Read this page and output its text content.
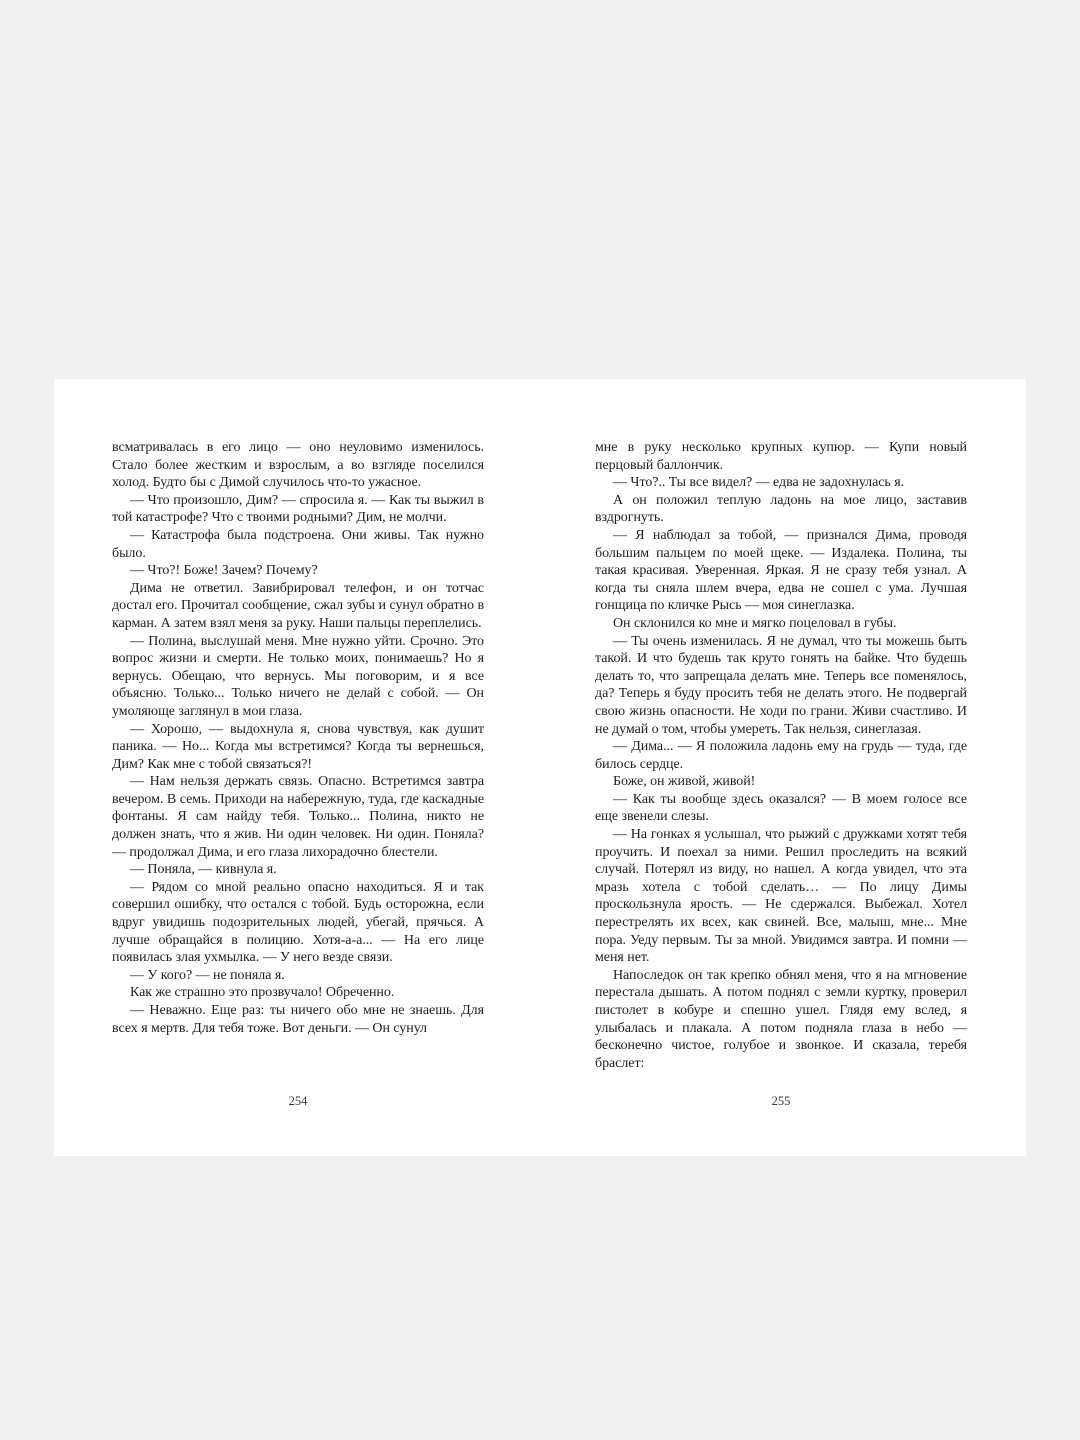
всматривалась в его лицо — оно неуловимо изменилось. Стало более жестким и взрослым, а во взгляде поселился холод. Будто бы с Димой случилось что-то ужасное.

— Что произошло, Дим? — спросила я. — Как ты выжил в той катастрофе? Что с твоими родными? Дим, не молчи.

— Катастрофа была подстроена. Они живы. Так нужно было.

— Что?! Боже! Зачем? Почему?

Дима не ответил. Завибрировал телефон, и он тотчас достал его. Прочитал сообщение, сжал зубы и сунул обратно в карман. А затем взял меня за руку. Наши пальцы переплелись.

— Полина, выслушай меня. Мне нужно уйти. Срочно. Это вопрос жизни и смерти. Не только моих, понимаешь? Но я вернусь. Обещаю, что вернусь. Мы поговорим, и я все объясню. Только... Только ничего не делай с собой. — Он умоляюще заглянул в мои глаза.

— Хорошо, — выдохнула я, снова чувствуя, как душит паника. — Но... Когда мы встретимся? Когда ты вернешься, Дим? Как мне с тобой связаться?!

— Нам нельзя держать связь. Опасно. Встретимся завтра вечером. В семь. Приходи на набережную, туда, где каскадные фонтаны. Я сам найду тебя. Только... Полина, никто не должен знать, что я жив. Ни один человек. Ни один. Поняла? — продолжал Дима, и его глаза лихорадочно блестели.

— Поняла, — кивнула я.

— Рядом со мной реально опасно находиться. Я и так совершил ошибку, что остался с тобой. Будь осторожна, если вдруг увидишь подозрительных людей, убегай, прячься. А лучше обращайся в полицию. Хотя-а-а... — На его лице появилась злая ухмылка. — У него везде связи.

— У кого? — не поняла я.

Как же страшно это прозвучало! Обреченно.

— Неважно. Еще раз: ты ничего обо мне не знаешь. Для всех я мертв. Для тебя тоже. Вот деньги. — Он сунул

254

мне в руку несколько крупных купюр. — Купи новый перцовый баллончик.

— Что?.. Ты все видел? — едва не задохнулась я.

А он положил теплую ладонь на мое лицо, заставив вздрогнуть.

— Я наблюдал за тобой, — признался Дима, проводя большим пальцем по моей щеке. — Издалека. Полина, ты такая красивая. Уверенная. Яркая. Я не сразу тебя узнал. А когда ты сняла шлем вчера, едва не сошел с ума. Лучшая гонщица по кличке Рысь — моя синеглазка.

Он склонился ко мне и мягко поцеловал в губы.

— Ты очень изменилась. Я не думал, что ты можешь быть такой. И что будешь так круто гонять на байке. Что будешь делать то, что запрещала делать мне. Теперь все поменялось, да? Теперь я буду просить тебя не делать этого. Не подвергай свою жизнь опасности. Не ходи по грани. Живи счастливо. И не думай о том, чтобы умереть. Так нельзя, синеглазая.

— Дима... — Я положила ладонь ему на грудь — туда, где билось сердце.

Боже, он живой, живой!

— Как ты вообще здесь оказался? — В моем голосе все еще звенели слезы.

— На гонках я услышал, что рыжий с дружками хотят тебя проучить. И поехал за ними. Решил проследить на всякий случай. Потерял из виду, но нашел. А когда увидел, что эта мразь хотела с тобой сделать… — По лицу Димы проскользнула ярость. — Не сдержался. Выбежал. Хотел перестрелять их всех, как свиней. Все, малыш, мне... Мне пора. Уеду первым. Ты за мной. Увидимся завтра. И помни — меня нет.

Напоследок он так крепко обнял меня, что я на мгновение перестала дышать. А потом поднял с земли куртку, проверил пистолет в кобуре и спешно ушел. Глядя ему вслед, я улыбалась и плакала. А потом подняла глаза в небо — бесконечно чистое, голубое и звонкое. И сказала, теребя браслет:

255
